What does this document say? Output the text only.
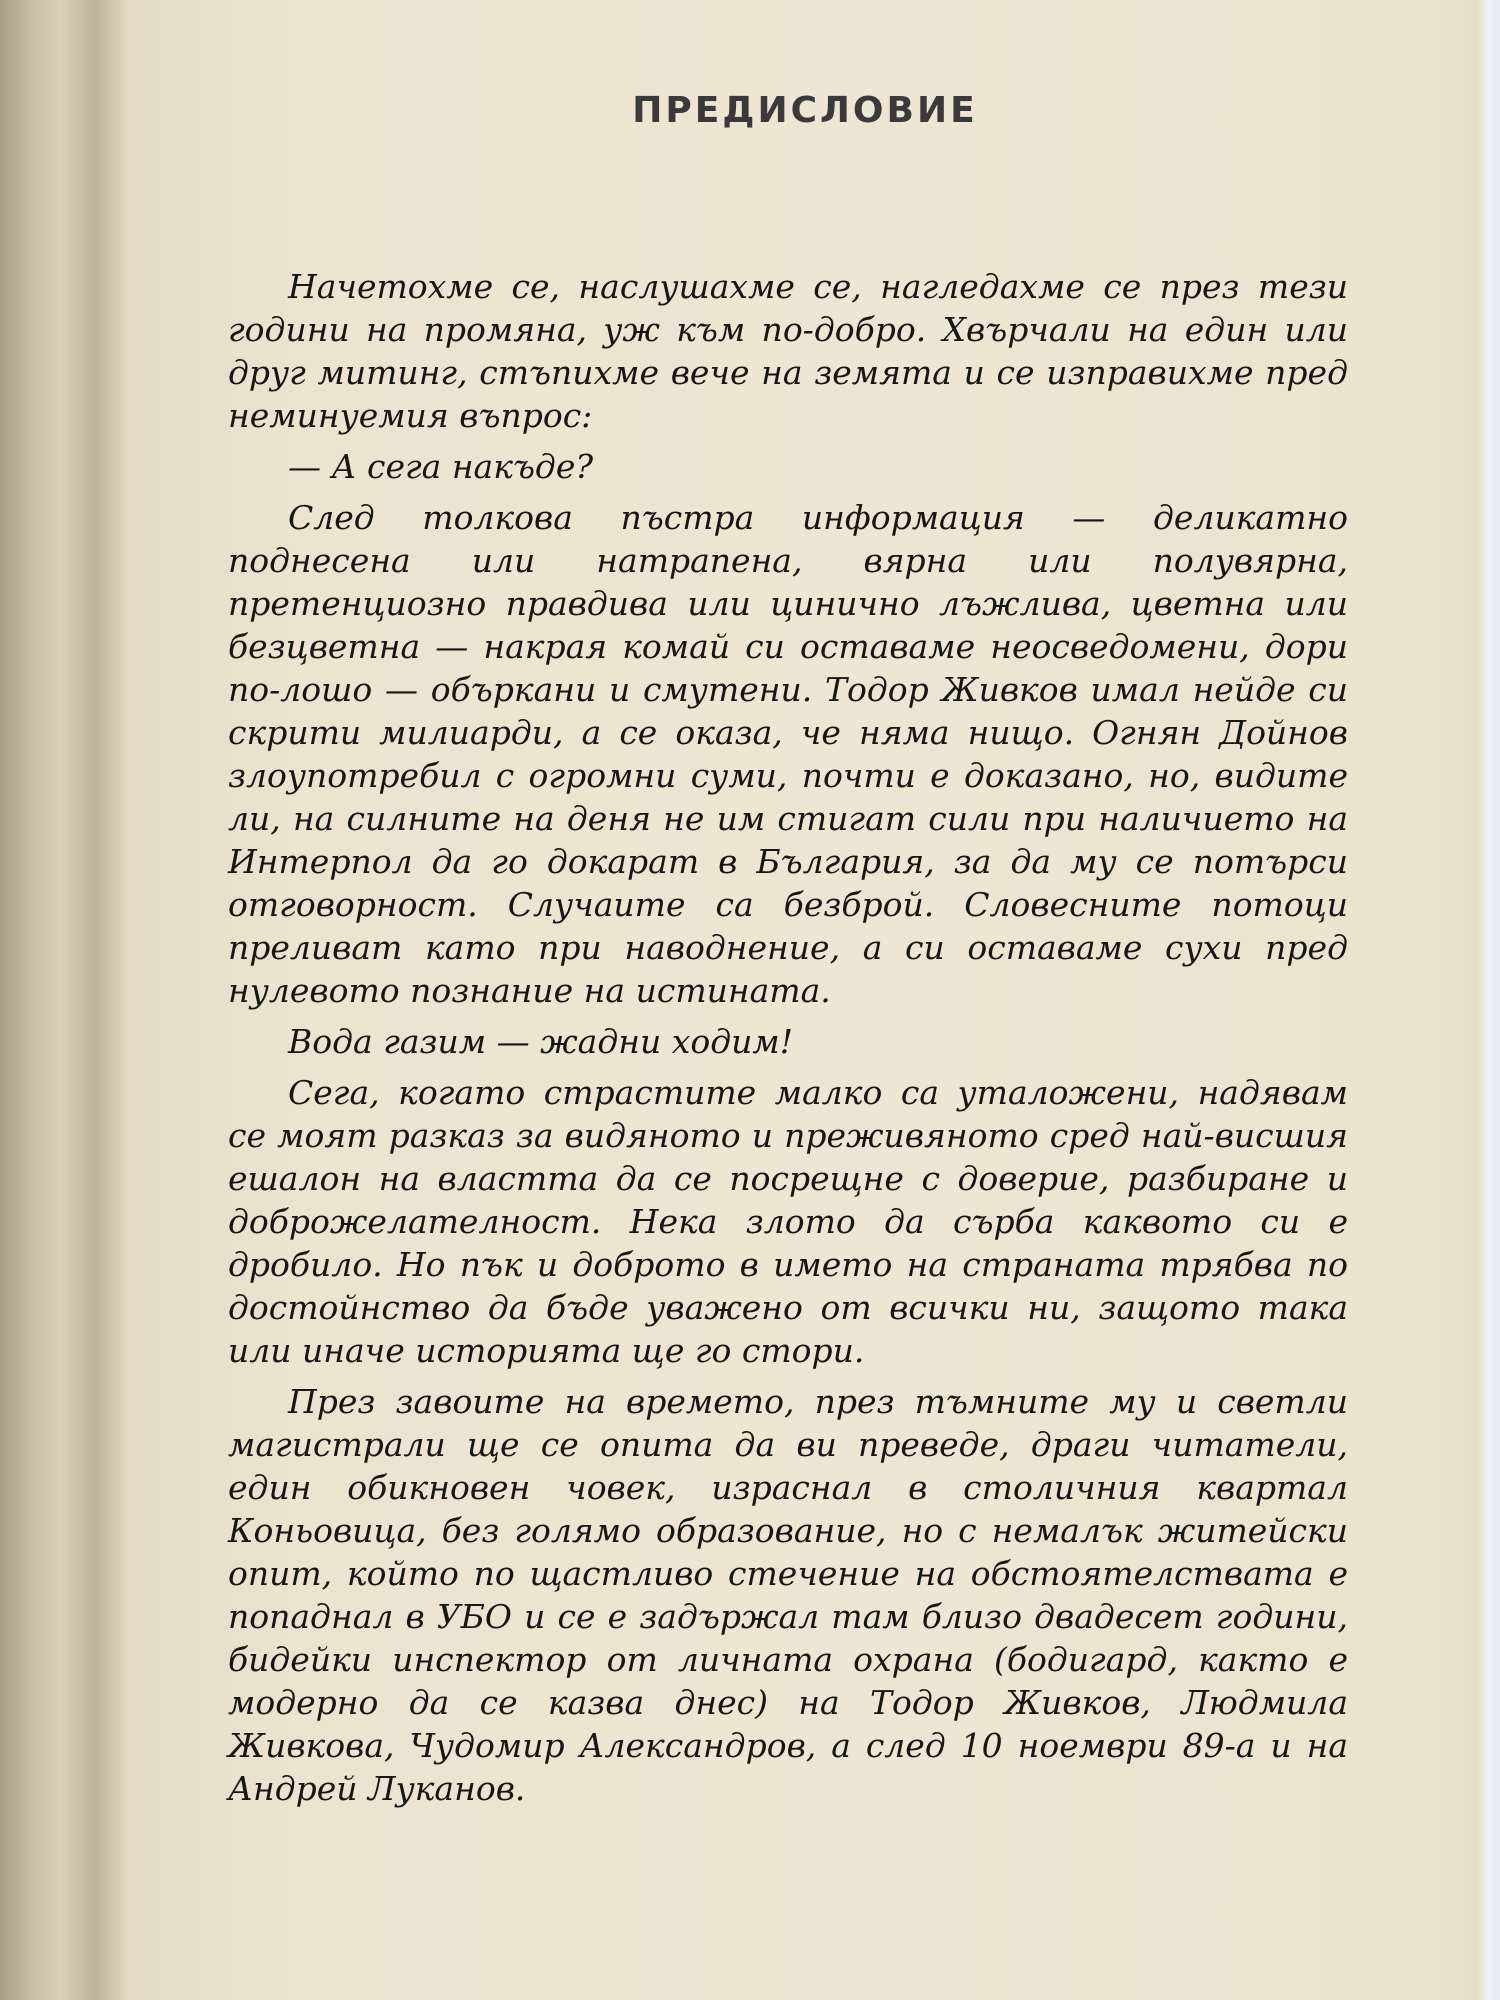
ПРЕДИСЛОВИЕ

Начетохме се, наслушахме се, нагледахме се през тези години на промяна, уж към по-добро. Хвърчали на един или друг митинг, стъпихме вече на земята и се изправихме пред неминуемия въпрос:

— А сега накъде?

След толкова пъстра информация — деликатно поднесена или натрапена, вярна или полувярна, претенциозно правдива или цинично лъжлива, цветна или безцветна — накрая комай си оставаме неосведомени, дори по-лошо — объркани и смутени. Тодор Живков имал нейде си скрити милиарди, а се оказа, че няма нищо. Огнян Дойнов злоупотребил с огромни суми, почти е доказано, но, видите ли, на силните на деня не им стигат сили при наличието на Интерпол да го докарат в България, за да му се потърси отговорност. Случаите са безброй. Словесните потоци преливат като при наводнение, а си оставаме сухи пред нулевото познание на истината.

Вода газим — жадни ходим!

Сега, когато страстите малко са уталожени, надявам се моят разказ за видяното и преживяното сред най-висшия ешалон на властта да се посрещне с доверие, разбиране и доброжелателност. Нека злото да сърба каквото си е дробило. Но пък и доброто в името на страната трябва по достойнство да бъде уважено от всички ни, защото така или иначе историята ще го стори.

През завоите на времето, през тъмните му и светли магистрали ще се опита да ви преведе, драги читатели, един обикновен човек, израснал в столичния квартал Коньовица, без голямо образование, но с немалък житейски опит, който по щастливо стечение на обстоятелствата е попаднал в УБО и се е задържал там близо двадесет години, бидейки инспектор от личната охрана (бодигард, както е модерно да се казва днес) на Тодор Живков, Людмила Живкова, Чудомир Александров, а след 10 ноември 89-а и на Андрей Луканов.
